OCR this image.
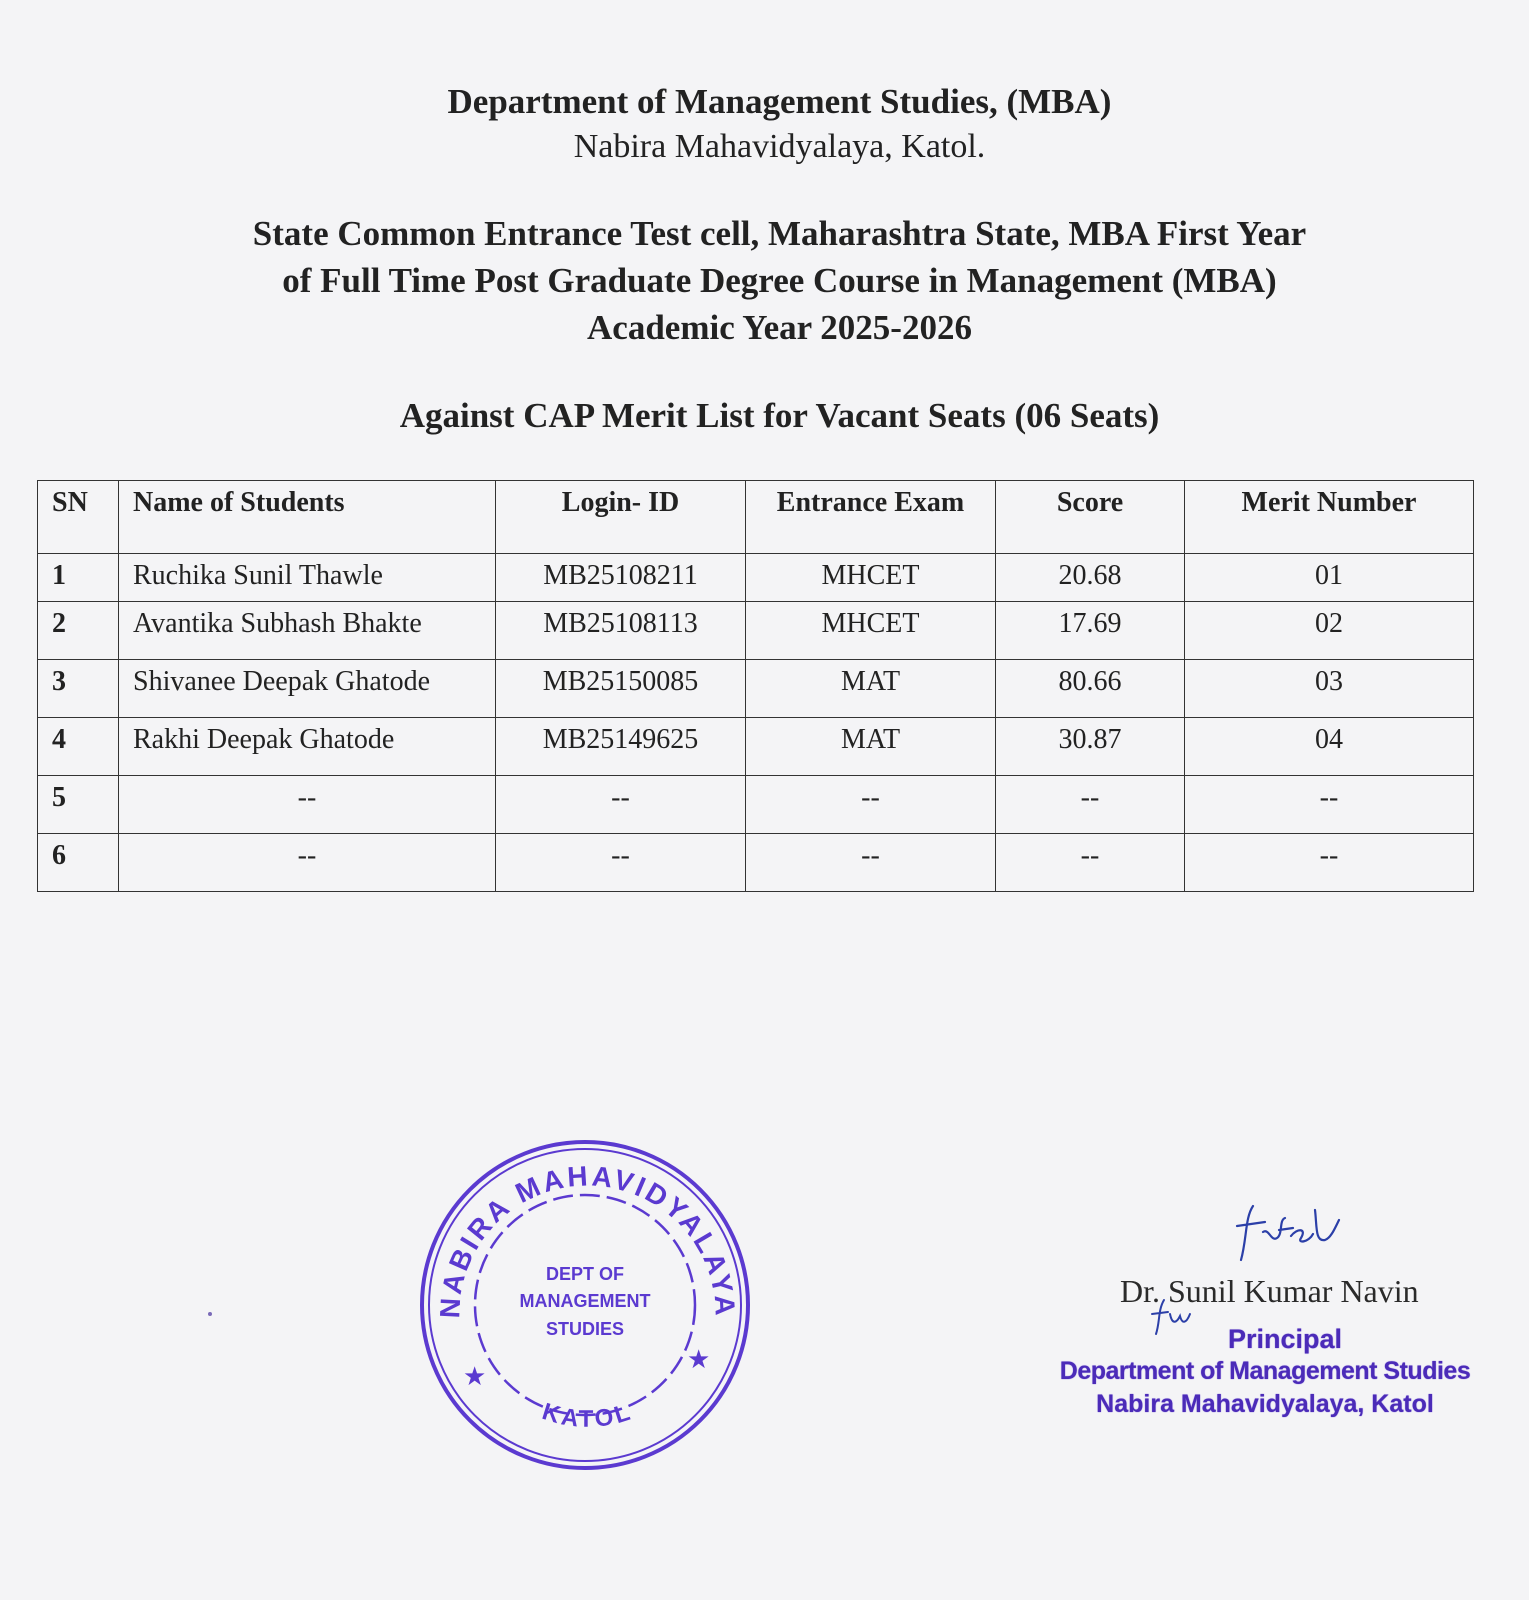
Department of Management Studies, (MBA)
Nabira Mahavidyalaya, Katol.
State Common Entrance Test cell, Maharashtra State, MBA First Year
of Full Time Post Graduate Degree Course in Management (MBA)
Academic Year 2025-2026
Against CAP Merit List for Vacant Seats (06 Seats)
SN	Name of Students	Login- ID	Entrance Exam	Score	Merit Number
1	Ruchika Sunil Thawle	MB25108211	MHCET	20.68	01
2	Avantika Subhash Bhakte	MB25108113	MHCET	17.69	02
3	Shivanee Deepak Ghatode	MB25150085	MAT	80.66	03
4	Rakhi Deepak Ghatode	MB25149625	MAT	30.87	04
5	--	--	--	--	--
6	--	--	--	--	--
NABIRA MAHAVIDYALAYA
KATOL
★
★
DEPT OF
MANAGEMENT
STUDIES
Dr. Sunil Kumar Navin
Principal
Department of Management Studies
Nabira Mahavidyalaya, Katol
